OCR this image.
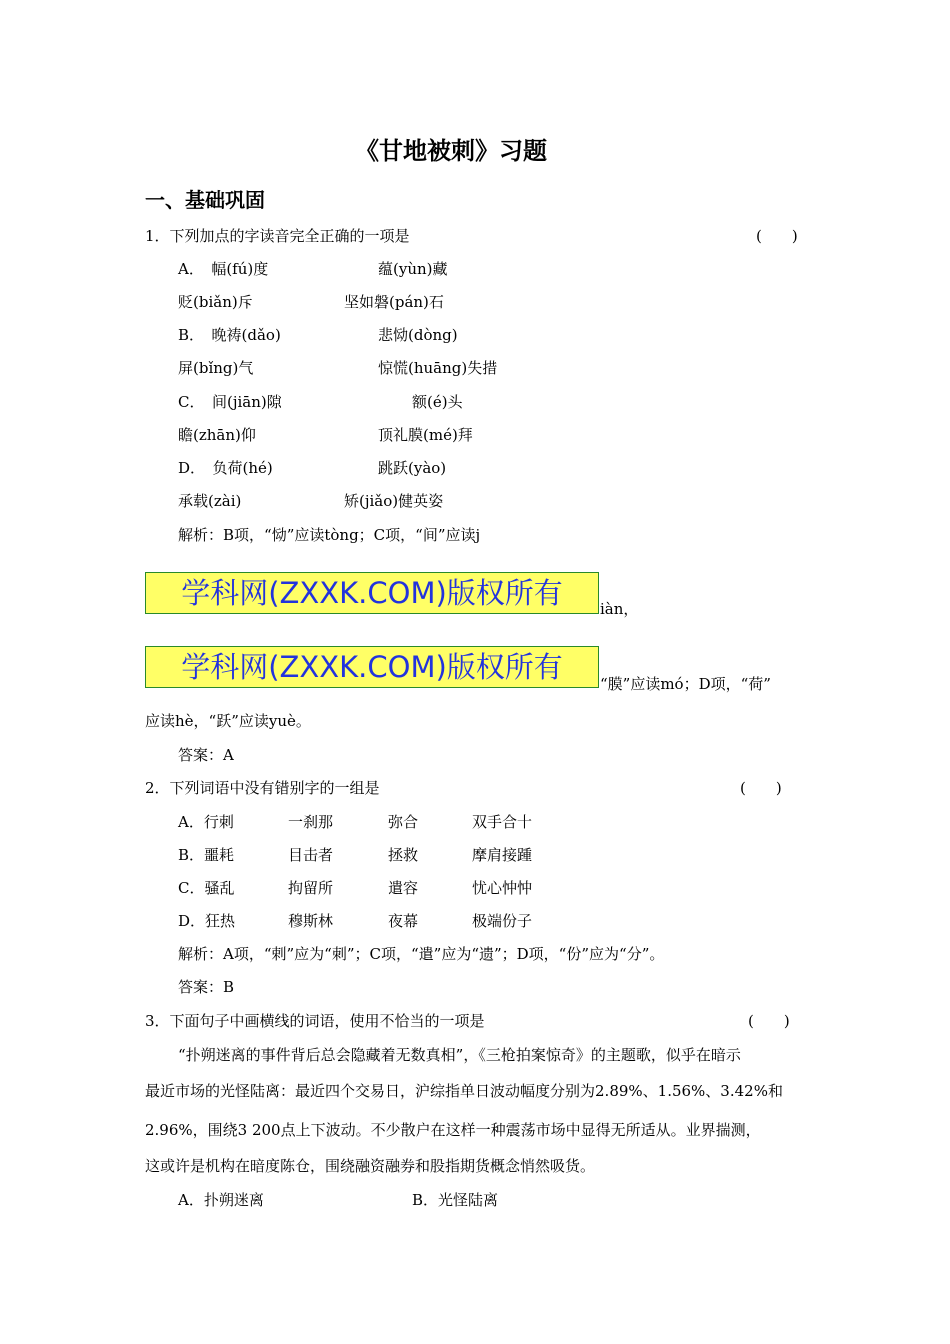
《甘地被刺》习题
一、基础巩固
1．下列加点的字读音完全正确的一项是	(　　)
A．　幅(fú)度	蕴(yùn)藏
贬(biǎn)斥	坚如磐(pán)石
B．　晚祷(dǎo)	悲恸(dòng)
屏(bǐng)气	惊慌(huāng)失措
C．　间(jiān)隙	额(é)头
瞻(zhān)仰	顶礼膜(mé)拜
D．　负荷(hé)	跳跃(yào)
承载(zài)	矫(jiǎo)健英姿
解析：B项，“恸”应读tòng；C项，“间”应读j
学科网(ZXXK.COM)版权所有	iàn，
学科网(ZXXK.COM)版权所有	“膜”应读mó；D项，“荷”
应读hè，“跃”应读yuè。
答案：A
2．下列词语中没有错别字的一组是	(　　)
A．行刺	一刹那	弥合	双手合十
B．噩耗	目击者	拯救	摩肩接踵
C．骚乱	拘留所	遣容	忧心忡忡
D．狂热	穆斯林	夜幕	极端份子
解析：A项，“剌”应为“刺”；C项，“遣”应为“遗”；D项，“份”应为“分”。
答案：B
3．下面句子中画横线的词语，使用不恰当的一项是	(　　)
“扑朔迷离的事件背后总会隐藏着无数真相”，《三枪拍案惊奇》的主题歌，似乎在暗示
最近市场的光怪陆离：最近四个交易日，沪综指单日波动幅度分别为2.89%、1.56%、3.42%和
2.96%，围绕3 200点上下波动。不少散户在这样一种震荡市场中显得无所适从。业界揣测，
这或许是机构在暗度陈仓，围绕融资融券和股指期货概念悄然吸货。
A．扑朔迷离	B．光怪陆离
